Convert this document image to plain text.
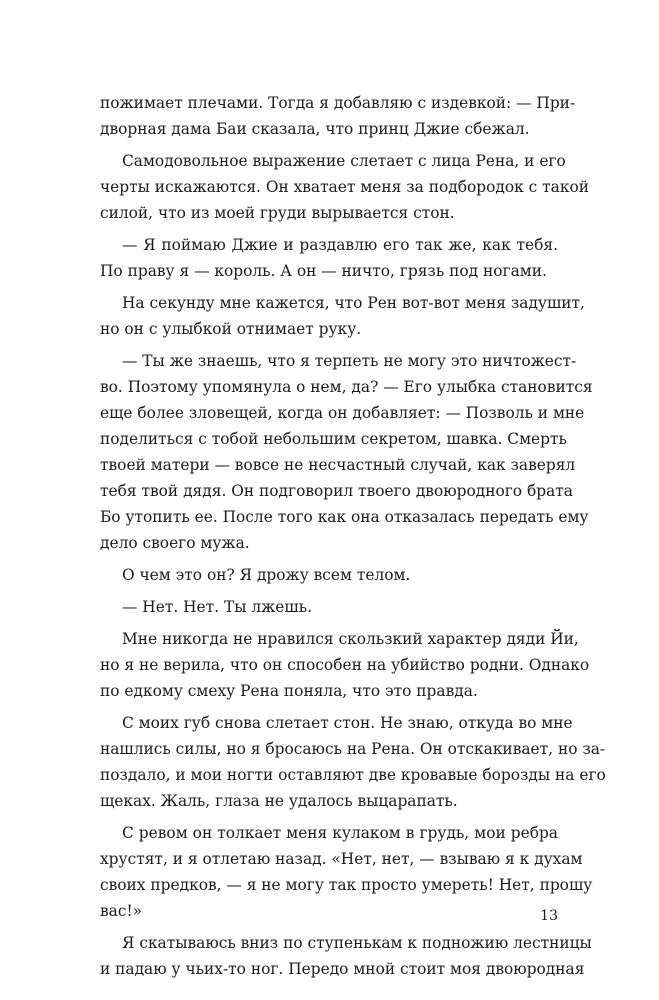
пожимает плечами. Тогда я добавляю с издевкой: — При-
дворная дама Баи сказала, что принц Джие сбежал.
Самодовольное выражение слетает с лица Рена, и его
черты искажаются. Он хватает меня за подбородок с такой
силой, что из моей груди вырывается стон.
— Я поймаю Джие и раздавлю его так же, как тебя.
По праву я — король. А он — ничто, грязь под ногами.
На секунду мне кажется, что Рен вот-вот меня задушит,
но он с улыбкой отнимает руку.
— Ты же знаешь, что я терпеть не могу это ничтожест-
во. Поэтому упомянула о нем, да? — Его улыбка становится
еще более зловещей, когда он добавляет: — Позволь и мне
поделиться с тобой небольшим секретом, шавка. Смерть
твоей матери — вовсе не несчастный случай, как заверял
тебя твой дядя. Он подговорил твоего двоюродного брата
Бо утопить ее. После того как она отказалась передать ему
дело своего мужа.
О чем это он? Я дрожу всем телом.
— Нет. Нет. Ты лжешь.
Мне никогда не нравился скользкий характер дяди Йи,
но я не верила, что он способен на убийство родни. Однако
по едкому смеху Рена поняла, что это правда.
С моих губ снова слетает стон. Не знаю, откуда во мне
нашлись силы, но я бросаюсь на Рена. Он отскакивает, но за-
поздало, и мои ногти оставляют две кровавые борозды на его
щеках. Жаль, глаза не удалось выцарапать.
С ревом он толкает меня кулаком в грудь, мои ребра
хрустят, и я отлетаю назад. «Нет, нет, — взываю я к духам
своих предков, — я не могу так просто умереть! Нет, прошу
вас!»
Я скатываюсь вниз по ступенькам к подножию лестницы
и падаю у чьих-то ног. Передо мной стоит моя двоюродная
13
